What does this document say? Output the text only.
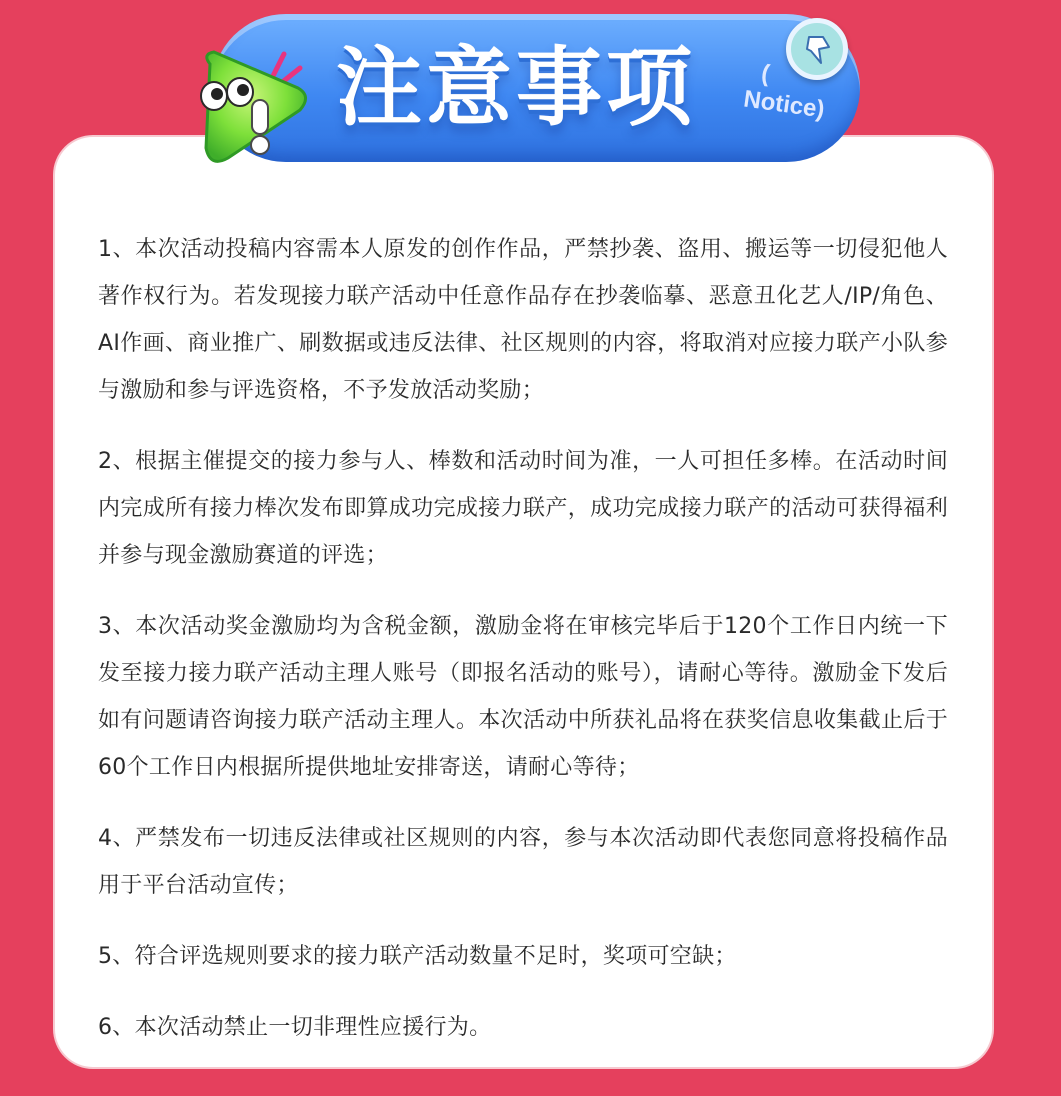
注意事项	(
Notice)

1、本次活动投稿内容需本人原发的创作作品，严禁抄袭、盗用、搬运等一切侵犯他人著作权行为。若发现接力联产活动中任意作品存在抄袭临摹、恶意丑化艺人/IP/角色、AI作画、商业推广、刷数据或违反法律、社区规则的内容，将取消对应接力联产小队参与激励和参与评选资格，不予发放活动奖励；

2、根据主催提交的接力参与人、棒数和活动时间为准，一人可担任多棒。在活动时间内完成所有接力棒次发布即算成功完成接力联产，成功完成接力联产的活动可获得福利并参与现金激励赛道的评选；

3、本次活动奖金激励均为含税金额，激励金将在审核完毕后于120个工作日内统一下发至接力接力联产活动主理人账号（即报名活动的账号），请耐心等待。激励金下发后如有问题请咨询接力联产活动主理人。本次活动中所获礼品将在获奖信息收集截止后于60个工作日内根据所提供地址安排寄送，请耐心等待；

4、严禁发布一切违反法律或社区规则的内容，参与本次活动即代表您同意将投稿作品用于平台活动宣传；

5、符合评选规则要求的接力联产活动数量不足时，奖项可空缺；

6、本次活动禁止一切非理性应援行为。
